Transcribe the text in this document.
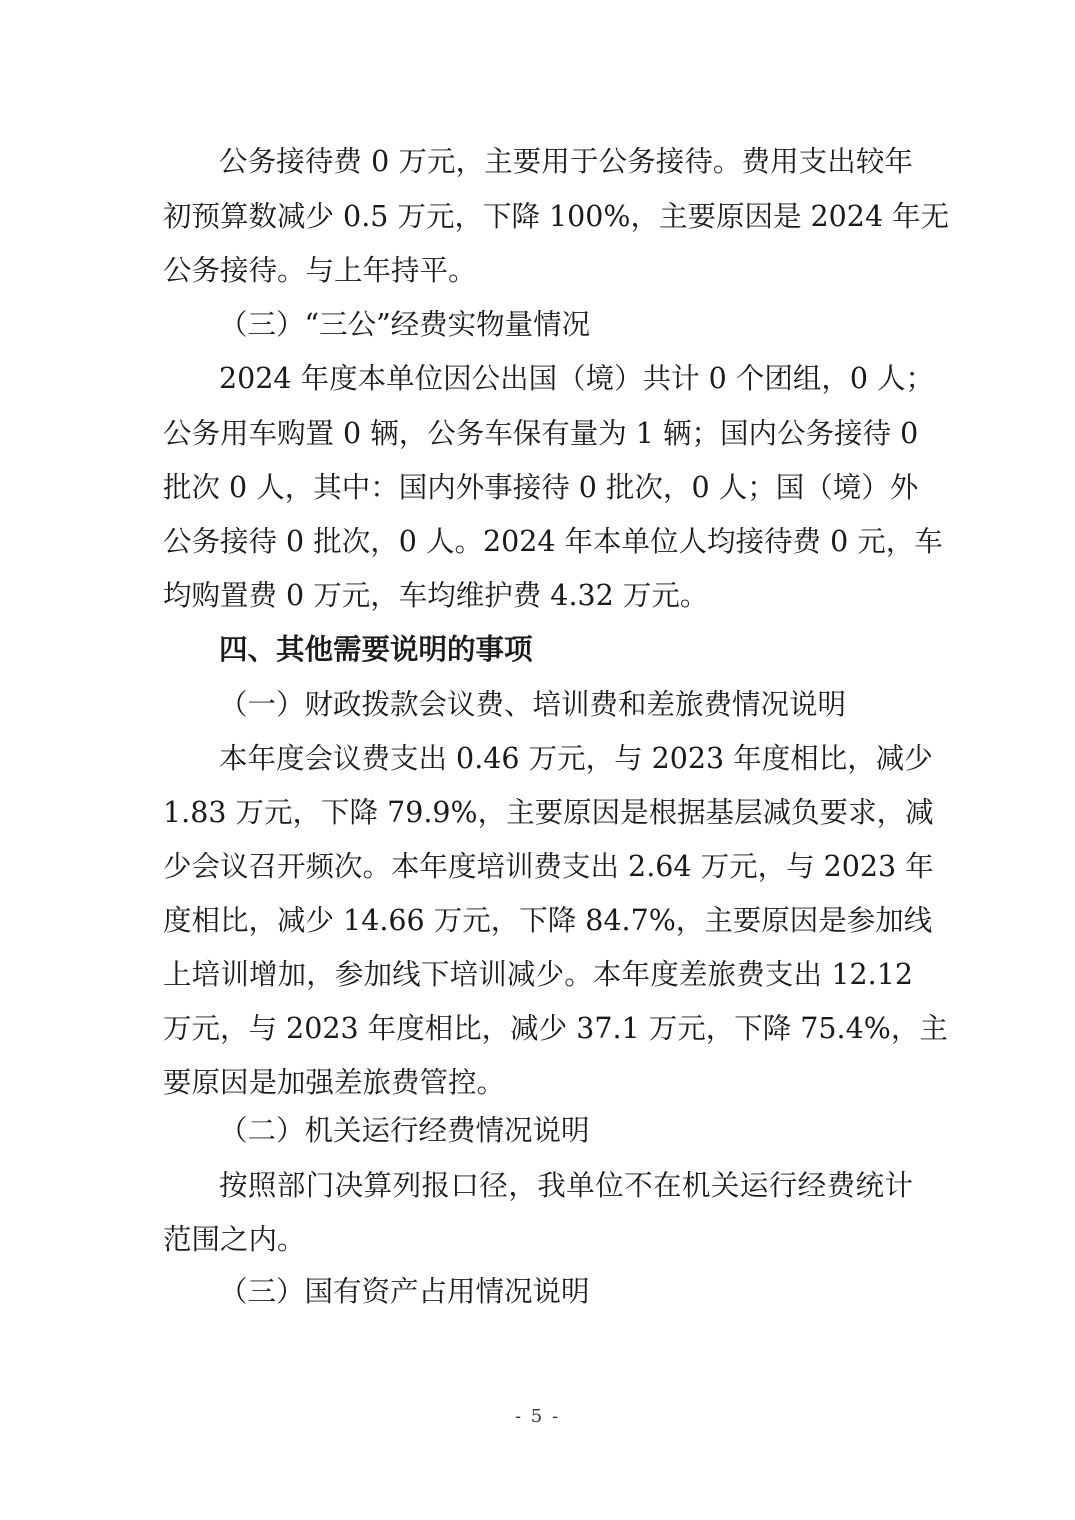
公务接待费 0 万元，主要用于公务接待。费用支出较年
初预算数减少 0.5 万元，下降 100%，主要原因是 2024 年无
公务接待。与上年持平。
（三）“三公”经费实物量情况
2024 年度本单位因公出国（境）共计 0 个团组，0 人；
公务用车购置 0 辆，公务车保有量为 1 辆；国内公务接待 0
批次 0 人，其中：国内外事接待 0 批次，0 人；国（境）外
公务接待 0 批次，0 人。2024 年本单位人均接待费 0 元，车
均购置费 0 万元，车均维护费 4.32 万元。
四、其他需要说明的事项
（一）财政拨款会议费、培训费和差旅费情况说明
本年度会议费支出 0.46 万元，与 2023 年度相比，减少
1.83 万元，下降 79.9%，主要原因是根据基层减负要求，减
少会议召开频次。本年度培训费支出 2.64 万元，与 2023 年
度相比，减少 14.66 万元，下降 84.7%，主要原因是参加线
上培训增加，参加线下培训减少。本年度差旅费支出 12.12
万元，与 2023 年度相比，减少 37.1 万元，下降 75.4%，主
要原因是加强差旅费管控。
（二）机关运行经费情况说明
按照部门决算列报口径，我单位不在机关运行经费统计
范围之内。
（三）国有资产占用情况说明
- 5 -
